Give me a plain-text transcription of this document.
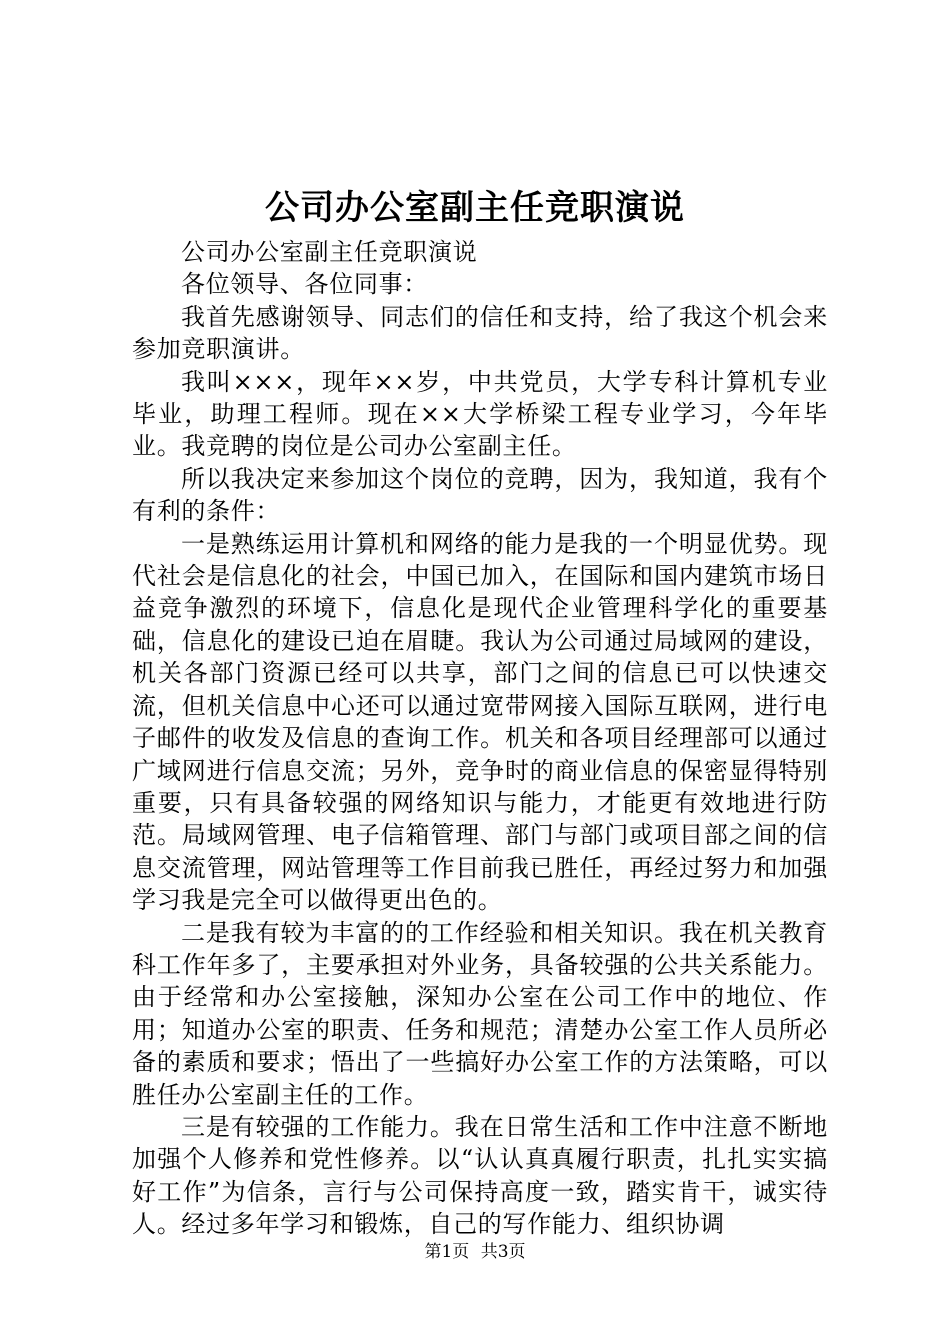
公司办公室副主任竞职演说

公司办公室副主任竞职演说

各位领导、各位同事：

我首先感谢领导、同志们的信任和支持，给了我这个机会来参加竞职演讲。

我叫×××，现年××岁，中共党员，大学专科计算机专业毕业，助理工程师。现在××大学桥梁工程专业学习，今年毕业。我竞聘的岗位是公司办公室副主任。

所以我决定来参加这个岗位的竞聘，因为，我知道，我有个有利的条件：

一是熟练运用计算机和网络的能力是我的一个明显优势。现代社会是信息化的社会，中国已加入，在国际和国内建筑市场日益竞争激烈的环境下，信息化是现代企业管理科学化的重要基础，信息化的建设已迫在眉睫。我认为公司通过局域网的建设，机关各部门资源已经可以共享，部门之间的信息已可以快速交流，但机关信息中心还可以通过宽带网接入国际互联网，进行电子邮件的收发及信息的查询工作。机关和各项目经理部可以通过广域网进行信息交流；另外，竞争时的商业信息的保密显得特别重要，只有具备较强的网络知识与能力，才能更有效地进行防范。局域网管理、电子信箱管理、部门与部门或项目部之间的信息交流管理，网站管理等工作目前我已胜任，再经过努力和加强学习我是完全可以做得更出色的。

二是我有较为丰富的的工作经验和相关知识。我在机关教育科工作年多了，主要承担对外业务，具备较强的公共关系能力。由于经常和办公室接触，深知办公室在公司工作中的地位、作用；知道办公室的职责、任务和规范；清楚办公室工作人员所必备的素质和要求；悟出了一些搞好办公室工作的方法策略，可以胜任办公室副主任的工作。

三是有较强的工作能力。我在日常生活和工作中注意不断地加强个人修养和党性修养。以“认认真真履行职责，扎扎实实搞好工作”为信条，言行与公司保持高度一致，踏实肯干，诚实待人。经过多年学习和锻炼，自己的写作能力、组织协调

第1页 共3页
